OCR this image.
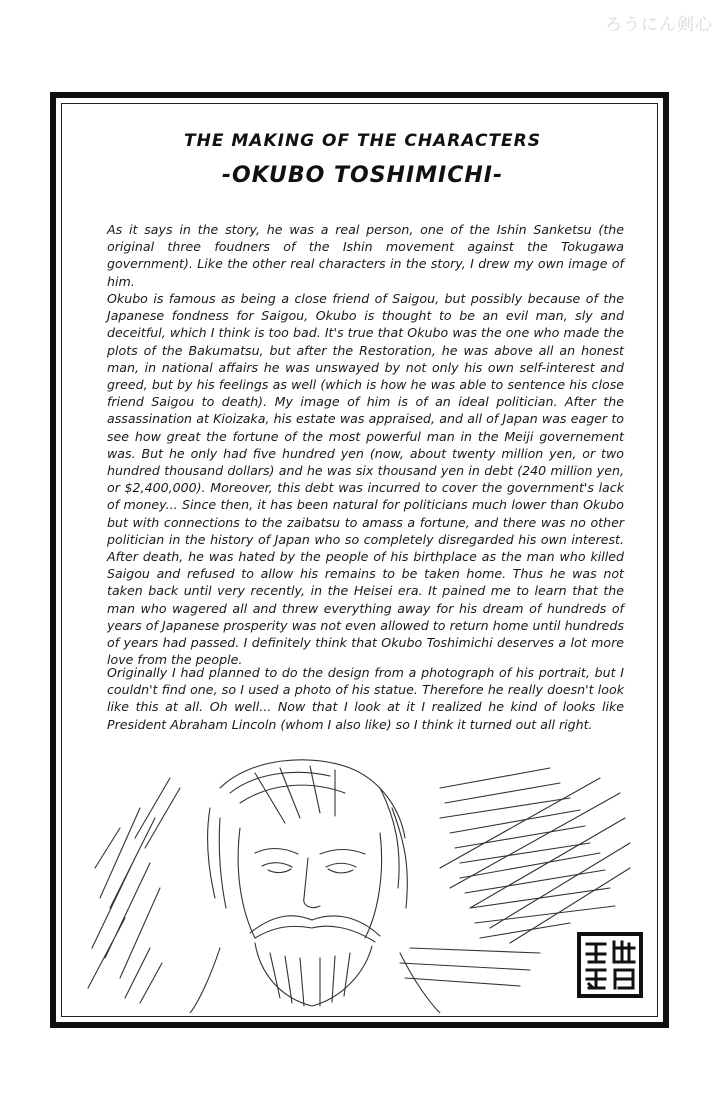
ろうにん剣心
THE MAKING OF THE CHARACTERS
-OKUBO TOSHIMICHI-

As it says in the story, he was a real person, one of the Ishin Sanketsu (the original three foudners of the Ishin movement against the Tokugawa government). Like the other real characters in the story, I drew my own image of him.

Okubo is famous as being a close friend of Saigou, but possibly because of the Japanese fondness for Saigou, Okubo is thought to be an evil man, sly and deceitful, which I think is too bad. It's true that Okubo was the one who made the plots of the Bakumatsu, but after the Restoration, he was above all an honest man, in national affairs he was unswayed by not only his own self-interest and greed, but by his feelings as well (which is how he was able to sentence his close friend Saigou to death). My image of him is of an ideal politician. After the assassination at Kioizaka, his estate was appraised, and all of Japan was eager to see how great the fortune of the most powerful man in the Meiji governement was. But he only had five hundred yen (now, about twenty million yen, or two hundred thousand dollars) and he was six thousand yen in debt (240 million yen, or $2,400,000). Moreover, this debt was incurred to cover the government's lack of money... Since then, it has been natural for politicians much lower than Okubo but with connections to the zaibatsu to amass a fortune, and there was no other politician in the history of Japan who so completely disregarded his own interest. After death, he was hated by the people of his birthplace as the man who killed Saigou and refused to allow his remains to be taken home. Thus he was not taken back until very recently, in the Heisei era. It pained me to learn that the man who wagered all and threw everything away for his dream of hundreds of years of Japanese prosperity was not even allowed to return home until hundreds of years had passed. I definitely think that Okubo Toshimichi deserves a lot more love from the people.

Originally I had planned to do the design from a photograph of his portrait, but I couldn't find one, so I used a photo of his statue. Therefore he really doesn't look like this at all. Oh well... Now that I look at it I realized he kind of looks like President Abraham Lincoln (whom I also like) so I think it turned out all right.
